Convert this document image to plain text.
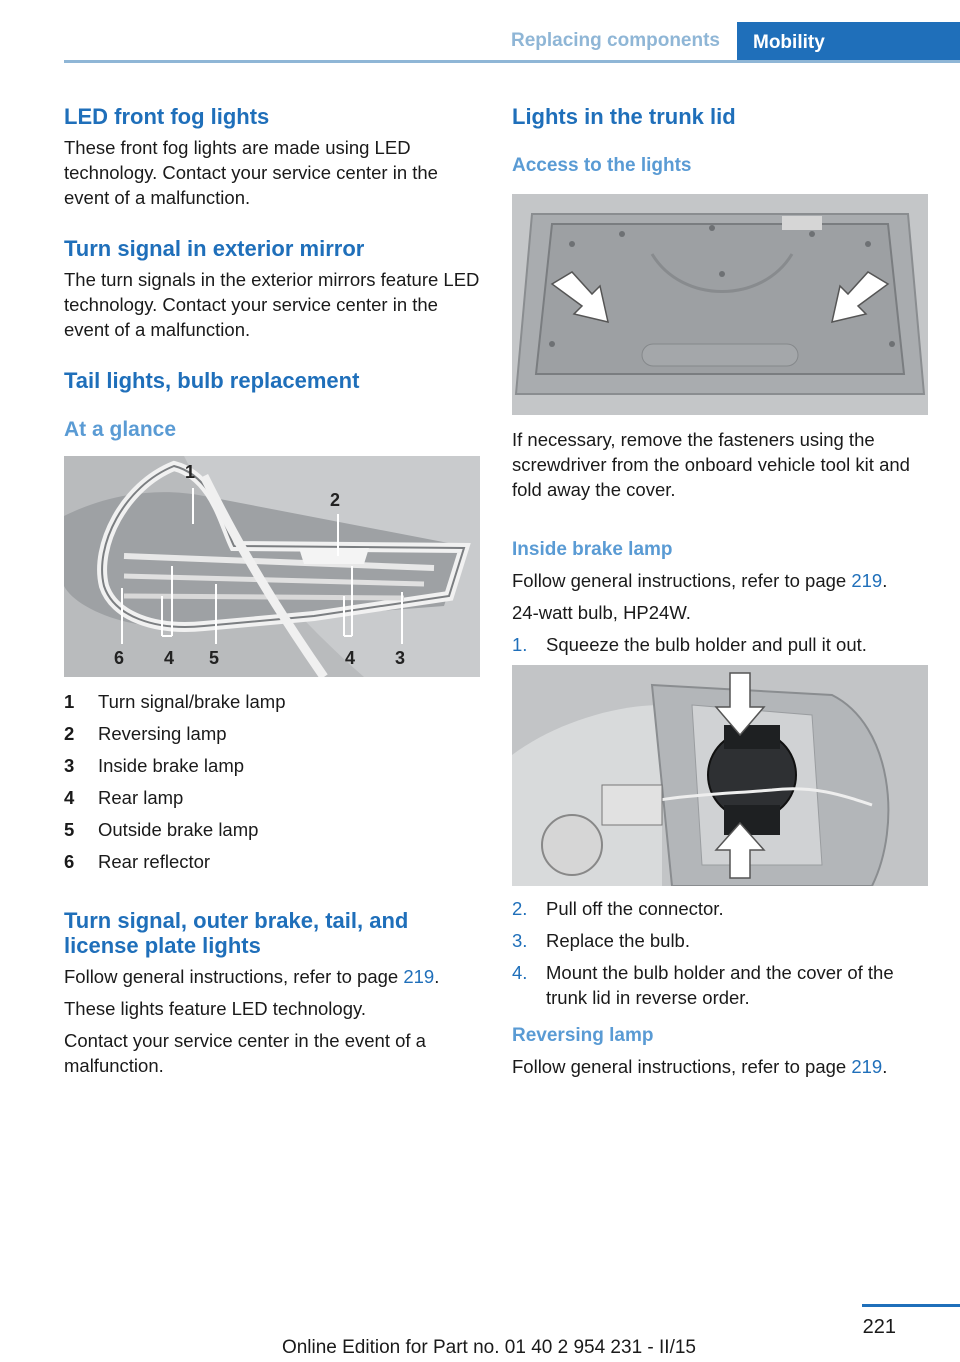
Replacing components	Mobility
LED front fog lights

These front fog lights are made using LED technology. Contact your service center in the event of a malfunction.

Turn signal in exterior mirror

The turn signals in the exterior mirrors feature LED technology. Contact your service center in the event of a malfunction.

Tail lights, bulb replacement
At a glance
1
2
6 4 5	4 3
1	Turn signal/brake lamp
2	Reversing lamp
3	Inside brake lamp
4	Rear lamp
5	Outside brake lamp
6	Rear reflector
Turn signal, outer brake, tail, and license plate lights

Follow general instructions, refer to page 219.

These lights feature LED technology.

Contact your service center in the event of a malfunction.

Lights in the trunk lid
Access to the lights

If necessary, remove the fasteners using the screwdriver from the onboard vehicle tool kit and fold away the cover.

Inside brake lamp

Follow general instructions, refer to page 219.

24-watt bulb, HP24W.

1.	Squeeze the bulb holder and pull it out.
2.	Pull off the connector.
3.	Replace the bulb.
4.	Mount the bulb holder and the cover of the trunk lid in reverse order.
Reversing lamp

Follow general instructions, refer to page 219.

221
Online Edition for Part no. 01 40 2 954 231 - II/15
